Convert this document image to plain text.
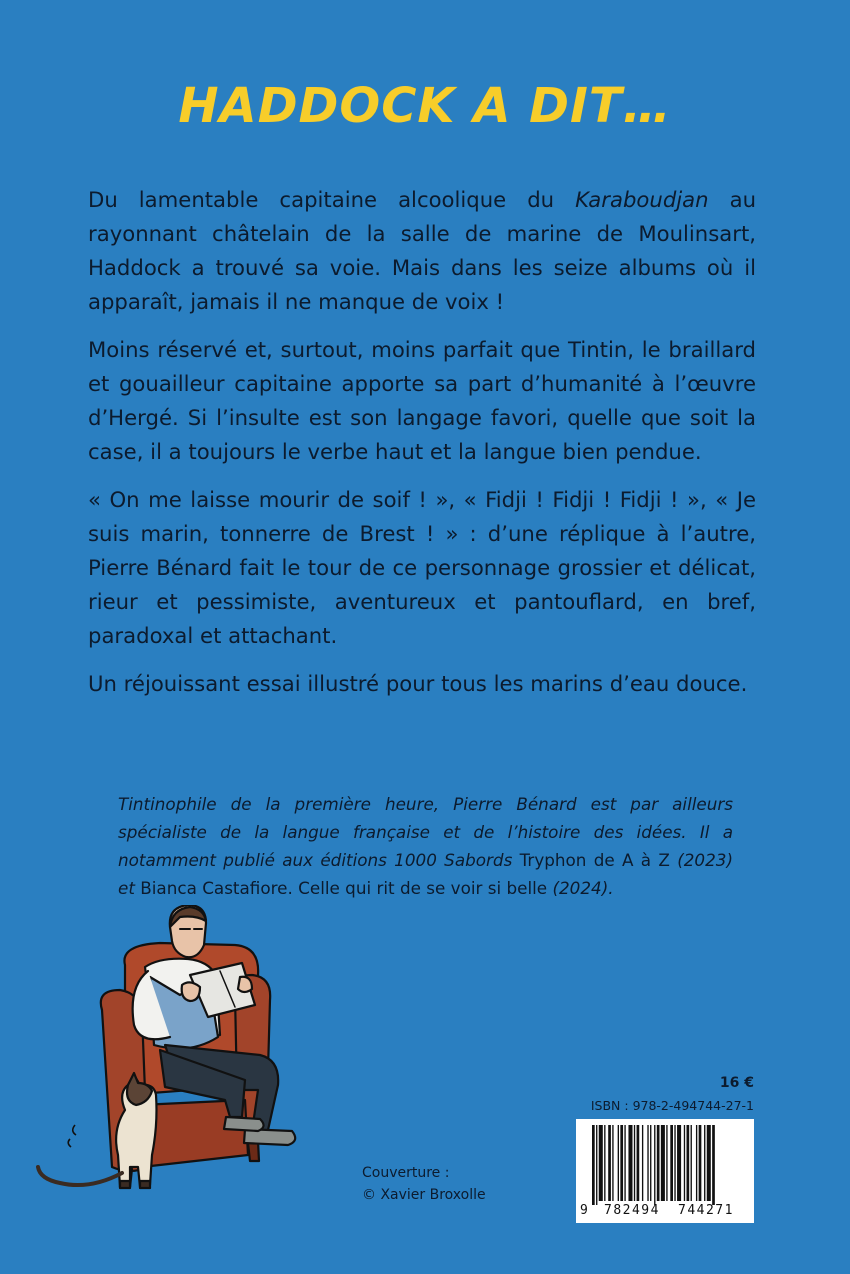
HADDOCK A DIT…

Du lamentable capitaine alcoolique du Karaboudjan au rayonnant châtelain de la salle de marine de Moulinsart, Haddock a trouvé sa voie. Mais dans les seize albums où il apparaît, jamais il ne manque de voix !

Moins réservé et, surtout, moins parfait que Tintin, le braillard et gouailleur capitaine apporte sa part d’humanité à l’œuvre d’Hergé. Si l’insulte est son langage favori, quelle que soit la case, il a toujours le verbe haut et la langue bien pendue.

« On me laisse mourir de soif ! », « Fidji ! Fidji ! Fidji ! », « Je suis marin, tonnerre de Brest ! » : d’une réplique à l’autre, Pierre Bénard fait le tour de ce personnage grossier et délicat, rieur et pessimiste, aventureux et pantouflard, en bref, paradoxal et attachant.

Un réjouissant essai illustré pour tous les marins d’eau douce.

Tintinophile de la première heure, Pierre Bénard est par ailleurs spécialiste de la langue française et de l’histoire des idées. Il a notamment publié aux éditions 1000 Sabords Tryphon de A à Z (2023) et Bianca Castafiore. Celle qui rit de se voir si belle (2024).
Couverture :
© Xavier Broxolle
16 €
ISBN : 978-2-494744-27-1
9 782494 744271
